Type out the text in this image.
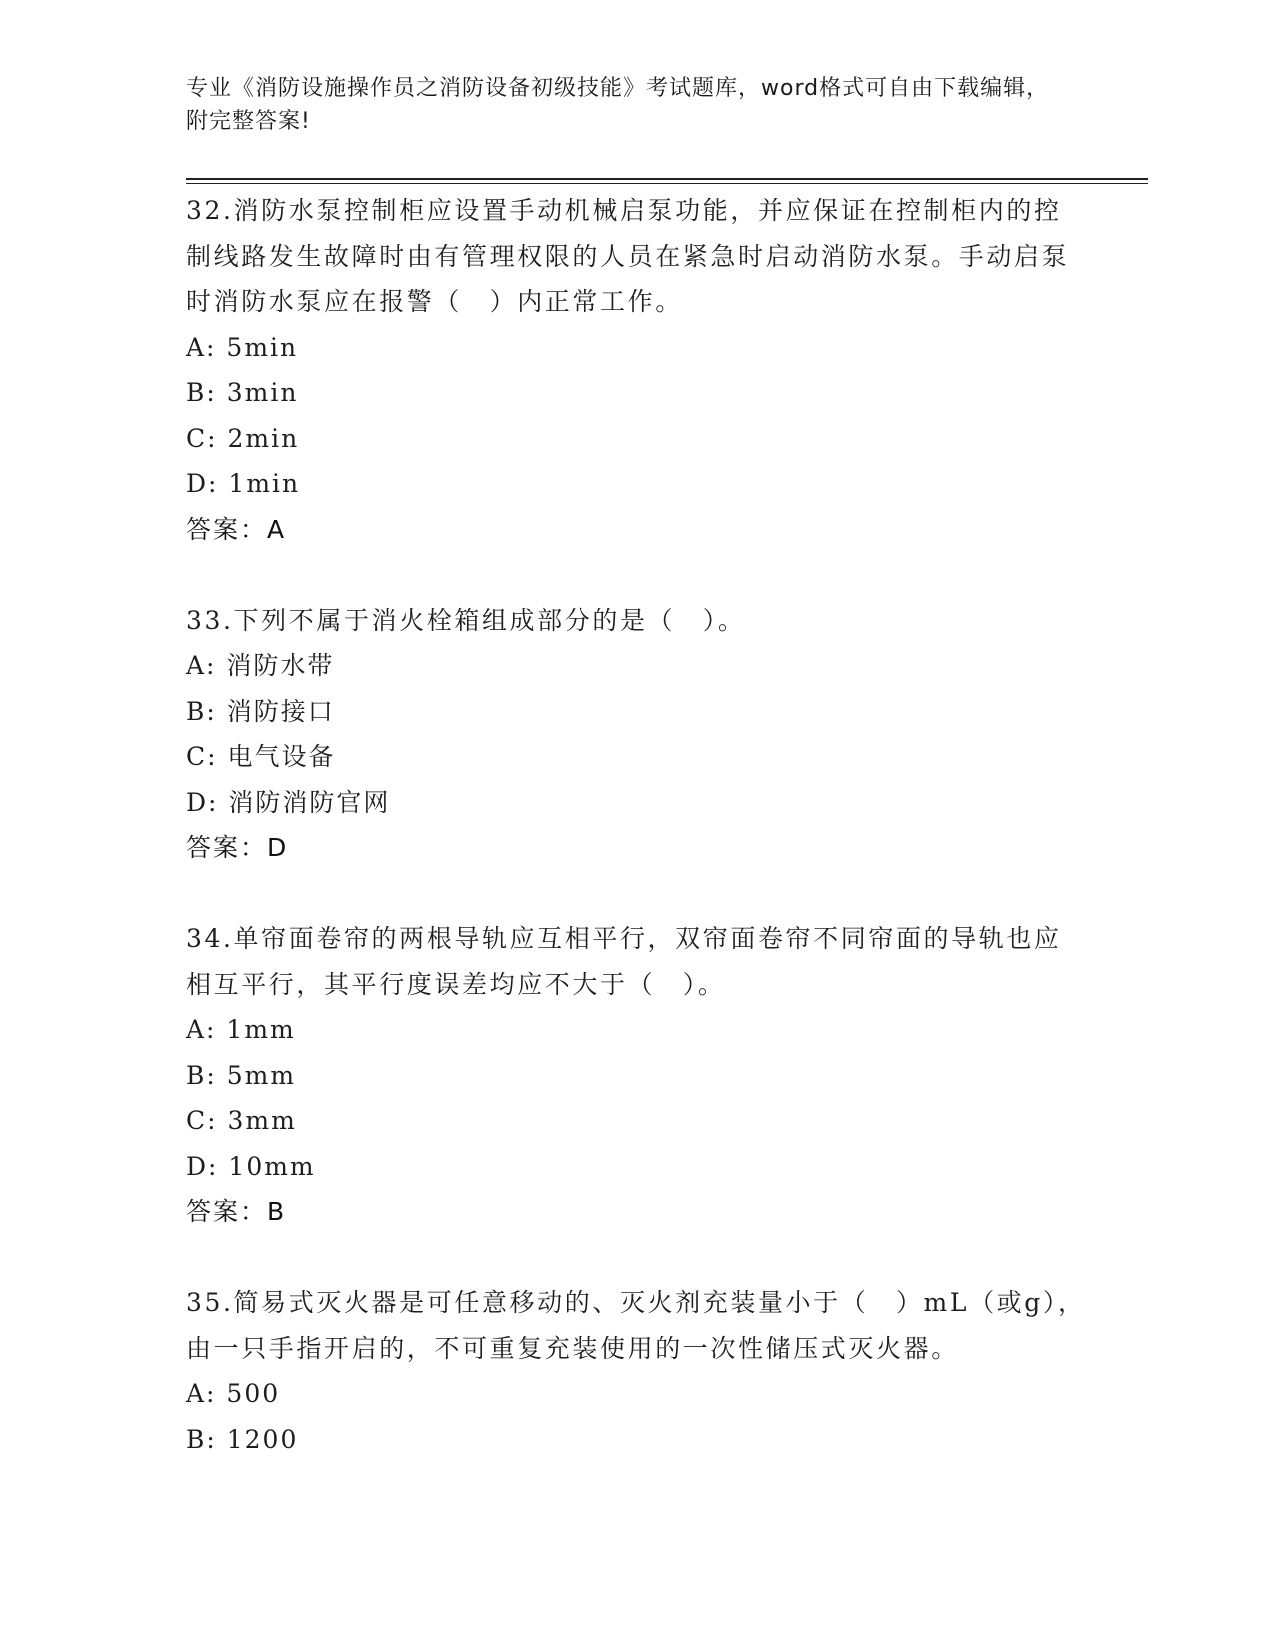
专业《消防设施操作员之消防设备初级技能》考试题库，word格式可自由下载编辑，附完整答案!
32.消防水泵控制柜应设置手动机械启泵功能，并应保证在控制柜内的控制线路发生故障时由有管理权限的人员在紧急时启动消防水泵。手动启泵时消防水泵应在报警（　）内正常工作。
A: 5min
B: 3min
C: 2min
D: 1min
答案：A
33.下列不属于消火栓箱组成部分的是（　）。
A: 消防水带
B: 消防接口
C: 电气设备
D: 消防消防官网
答案：D
34.单帘面卷帘的两根导轨应互相平行，双帘面卷帘不同帘面的导轨也应相互平行，其平行度误差均应不大于（　）。
A: 1mm
B: 5mm
C: 3mm
D: 10mm
答案：B
35.简易式灭火器是可任意移动的、灭火剂充装量小于（　）mL（或g），由一只手指开启的，不可重复充装使用的一次性储压式灭火器。
A: 500
B: 1200
